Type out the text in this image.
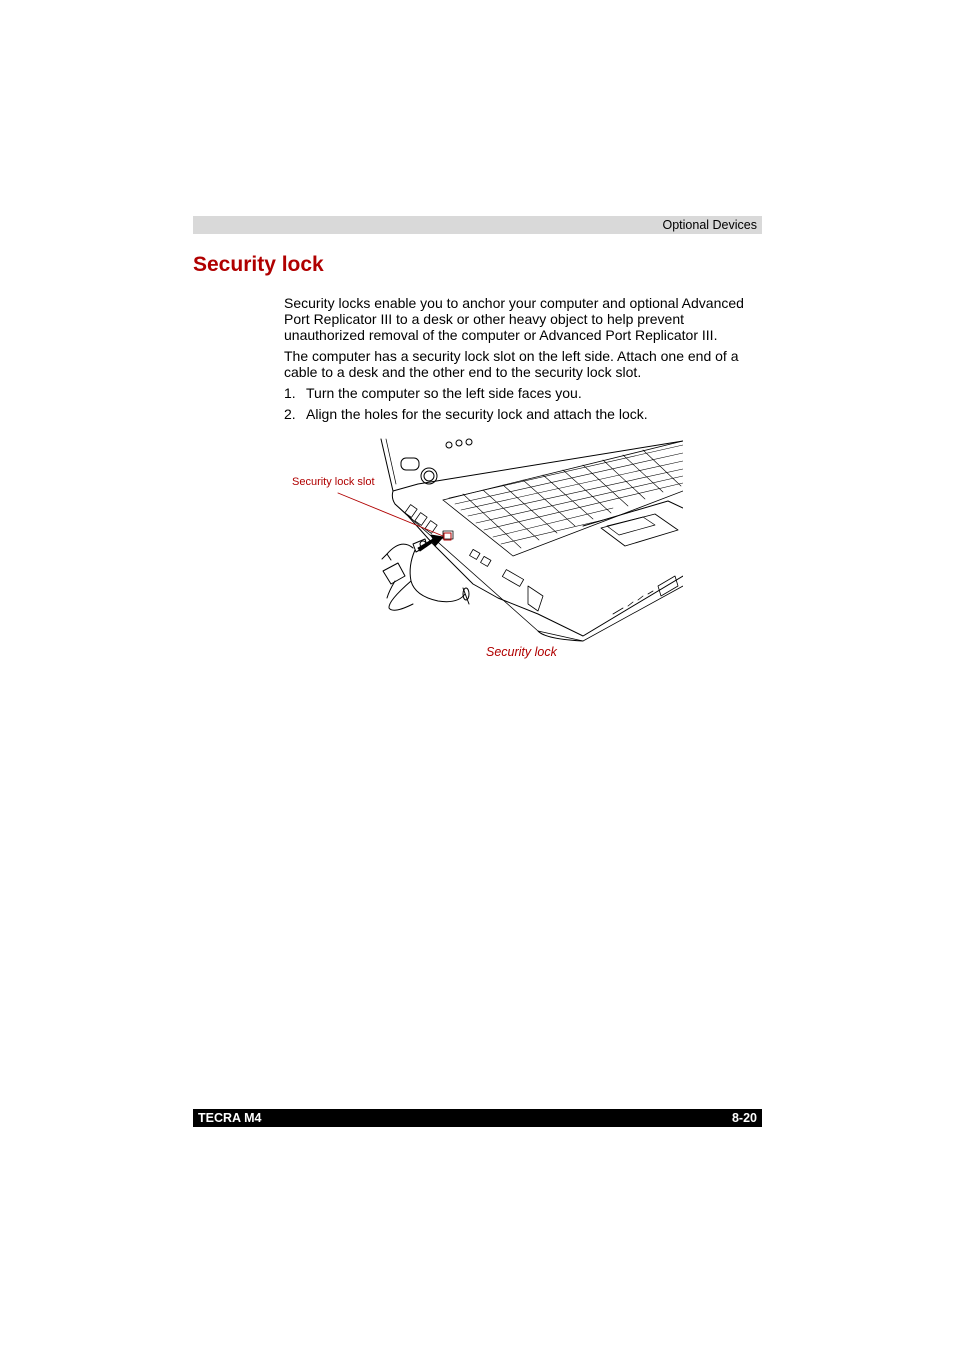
Optional Devices
Security lock

Security locks enable you to anchor your computer and optional Advanced Port Replicator III to a desk or other heavy object to help prevent unauthorized removal of the computer or Advanced Port Replicator III.

The computer has a security lock slot on the left side. Attach one end of a cable to a desk and the other end to the security lock slot.

1. Turn the computer so the left side faces you.
2. Align the holes for the security lock and attach the lock.
Security lock slot
Security lock
TECRA M4	8-20
